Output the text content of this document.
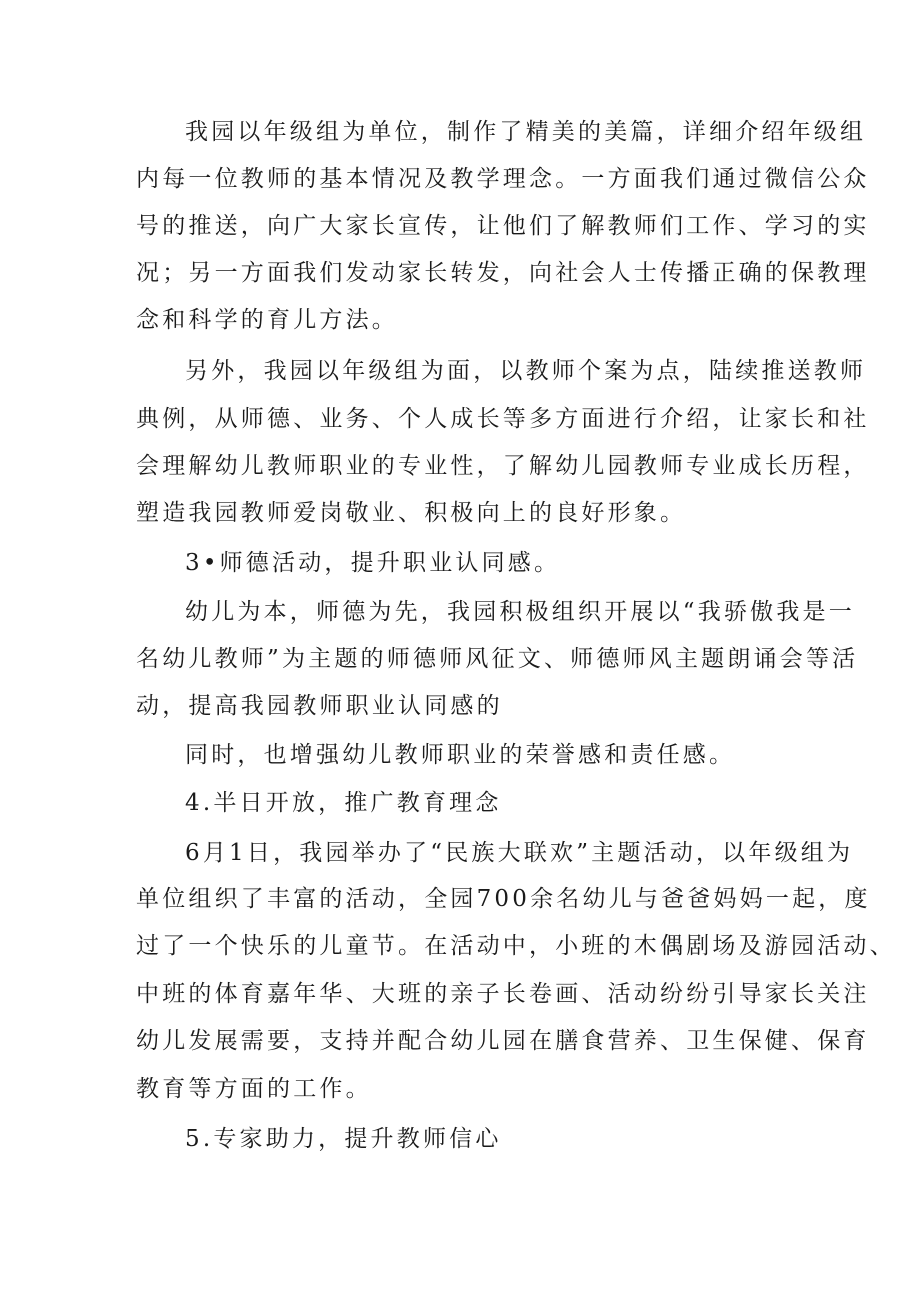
我园以年级组为单位，制作了精美的美篇，详细介绍年级组
内每一位教师的基本情况及教学理念。一方面我们通过微信公众
号的推送，向广大家长宣传，让他们了解教师们工作、学习的实
况；另一方面我们发动家长转发，向社会人士传播正确的保教理
念和科学的育儿方法。
另外，我园以年级组为面，以教师个案为点，陆续推送教师
典例，从师德、业务、个人成长等多方面进行介绍，让家长和社
会理解幼儿教师职业的专业性，了解幼儿园教师专业成长历程，
塑造我园教师爱岗敬业、积极向上的良好形象。
3•师德活动，提升职业认同感。
幼儿为本，师德为先，我园积极组织开展以“我骄傲我是一
名幼儿教师”为主题的师德师风征文、师德师风主题朗诵会等活
动，提高我园教师职业认同感的
同时，也增强幼儿教师职业的荣誉感和责任感。
4.半日开放，推广教育理念
6月1日，我园举办了“民族大联欢”主题活动，以年级组为
单位组织了丰富的活动，全园700余名幼儿与爸爸妈妈一起，度
过了一个快乐的儿童节。在活动中，小班的木偶剧场及游园活动、
中班的体育嘉年华、大班的亲子长卷画、活动纷纷引导家长关注
幼儿发展需要，支持并配合幼儿园在膳食营养、卫生保健、保育
教育等方面的工作。
5.专家助力，提升教师信心
